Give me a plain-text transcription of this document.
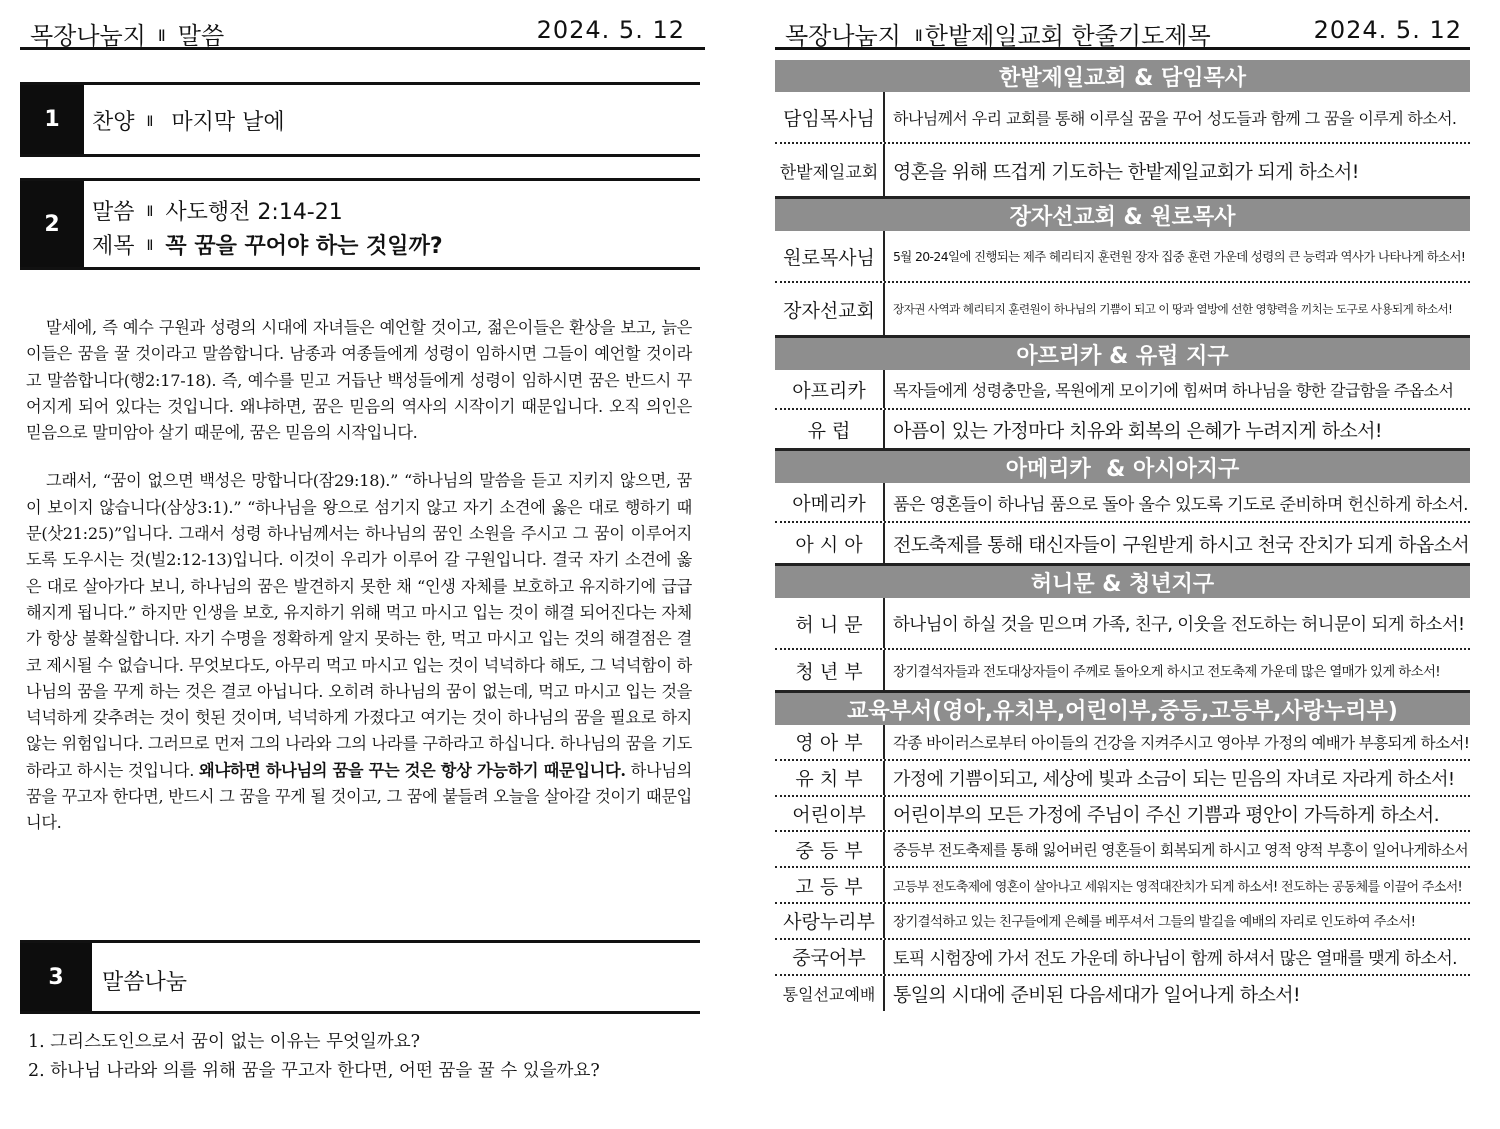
목장나눔지 Ⅱ 말씀	2024. 5. 12
1	찬양 Ⅱ 마지막 날에
2	말씀 Ⅱ 사도행전 2:14-21
제목 Ⅱ 꼭 꿈을 꾸어야 하는 것일까?

말세에, 즉 예수 구원과 성령의 시대에 자녀들은 예언할 것이고, 젊은이들은 환상을 보고, 늙은이들은 꿈을 꿀 것이라고 말씀합니다. 남종과 여종들에게 성령이 임하시면 그들이 예언할 것이라고 말씀합니다(행2:17-18). 즉, 예수를 믿고 거듭난 백성들에게 성령이 임하시면 꿈은 반드시 꾸어지게 되어 있다는 것입니다. 왜냐하면, 꿈은 믿음의 역사의 시작이기 때문입니다. 오직 의인은 믿음으로 말미암아 살기 때문에, 꿈은 믿음의 시작입니다.

그래서, “꿈이 없으면 백성은 망합니다(잠29:18).” “하나님의 말씀을 듣고 지키지 않으면, 꿈이 보이지 않습니다(삼상3:1).” “하나님을 왕으로 섬기지 않고 자기 소견에 옳은 대로 행하기 때문(삿21:25)”입니다. 그래서 성령 하나님께서는 하나님의 꿈인 소원을 주시고 그 꿈이 이루어지도록 도우시는 것(빌2:12-13)입니다. 이것이 우리가 이루어 갈 구원입니다. 결국 자기 소견에 옳은 대로 살아가다 보니, 하나님의 꿈은 발견하지 못한 채 “인생 자체를 보호하고 유지하기에 급급해지게 됩니다.” 하지만 인생을 보호, 유지하기 위해 먹고 마시고 입는 것이 해결 되어진다는 자체가 항상 불확실합니다. 자기 수명을 정확하게 알지 못하는 한, 먹고 마시고 입는 것의 해결점은 결코 제시될 수 없습니다. 무엇보다도, 아무리 먹고 마시고 입는 것이 넉넉하다 해도, 그 넉넉함이 하나님의 꿈을 꾸게 하는 것은 결코 아닙니다. 오히려 하나님의 꿈이 없는데, 먹고 마시고 입는 것을 넉넉하게 갖추려는 것이 헛된 것이며, 넉넉하게 가졌다고 여기는 것이 하나님의 꿈을 필요로 하지 않는 위험입니다. 그러므로 먼저 그의 나라와 그의 나라를 구하라고 하십니다. 하나님의 꿈을 기도하라고 하시는 것입니다. 왜냐하면 하나님의 꿈을 꾸는 것은 항상 가능하기 때문입니다. 하나님의 꿈을 꾸고자 한다면, 반드시 그 꿈을 꾸게 될 것이고, 그 꿈에 붙들려 오늘을 살아갈 것이기 때문입니다.

3	말씀나눔
1. 그리스도인으로서 꿈이 없는 이유는 무엇일까요?
2. 하나님 나라와 의를 위해 꿈을 꾸고자 한다면, 어떤 꿈을 꿀 수 있을까요?
목장나눔지 Ⅱ한밭제일교회 한줄기도제목	2024. 5. 12
한밭제일교회 & 담임목사
담임목사님	하나님께서 우리 교회를 통해 이루실 꿈을 꾸어 성도들과 함께 그 꿈을 이루게 하소서.
한밭제일교회 영혼을 위해 뜨겁게 기도하는 한밭제일교회가 되게 하소서!
장자선교회 & 원로목사
원로목사님	5월 20-24일에 진행되는 제주 헤리티지 훈련원 장자 집중 훈련 가운데 성령의 큰 능력과 역사가 나타나게 하소서!
장자선교회	장자권 사역과 헤리티지 훈련원이 하나님의 기쁨이 되고 이 땅과 열방에 선한 영향력을 끼치는 도구로 사용되게 하소서!
아프리카 & 유럽 지구
아프리카	목자들에게 성령충만을, 목원에게 모이기에 힘써며 하나님을 향한 갈급함을 주옵소서
유 럽	아픔이 있는 가정마다 치유와 회복의 은혜가 누려지게 하소서!
아메리카  & 아시아지구
아메리카	품은 영혼들이 하나님 품으로 돌아 올수 있도록 기도로 준비하며 헌신하게 하소서.
아 시 아	전도축제를 통해 태신자들이 구원받게 하시고 천국 잔치가 되게 하옵소서
허니문 & 청년지구
허 니 문	하나님이 하실 것을 믿으며 가족, 친구, 이웃을 전도하는 허니문이 되게 하소서!
청 년 부	장기결석자들과 전도대상자들이 주께로 돌아오게 하시고 전도축제 가운데 많은 열매가 있게 하소서!
교육부서(영아,유치부,어린이부,중등,고등부,사랑누리부)
영 아 부	각종 바이러스로부터 아이들의 건강을 지켜주시고 영아부 가정의 예배가 부흥되게 하소서!
유 치 부	가정에 기쁨이되고, 세상에 빛과 소금이 되는 믿음의 자녀로 자라게 하소서!
어린이부	어린이부의 모든 가정에 주님이 주신 기쁨과 평안이 가득하게 하소서.
중 등 부	중등부 전도축제를 통해 잃어버린 영혼들이 회복되게 하시고 영적 양적 부흥이 일어나게하소서
고 등 부	고등부 전도축제에 영혼이 살아나고 세워지는 영적대잔치가 되게 하소서! 전도하는 공동체를 이끌어 주소서!
사랑누리부	장기결석하고 있는 친구들에게 은혜를 베푸셔서 그들의 발길을 예배의 자리로 인도하여 주소서!
중국어부	토픽 시험장에 가서 전도 가운데 하나님이 함께 하셔서 많은 열매를 맺게 하소서.
통일선교예배 통일의 시대에 준비된 다음세대가 일어나게 하소서!
